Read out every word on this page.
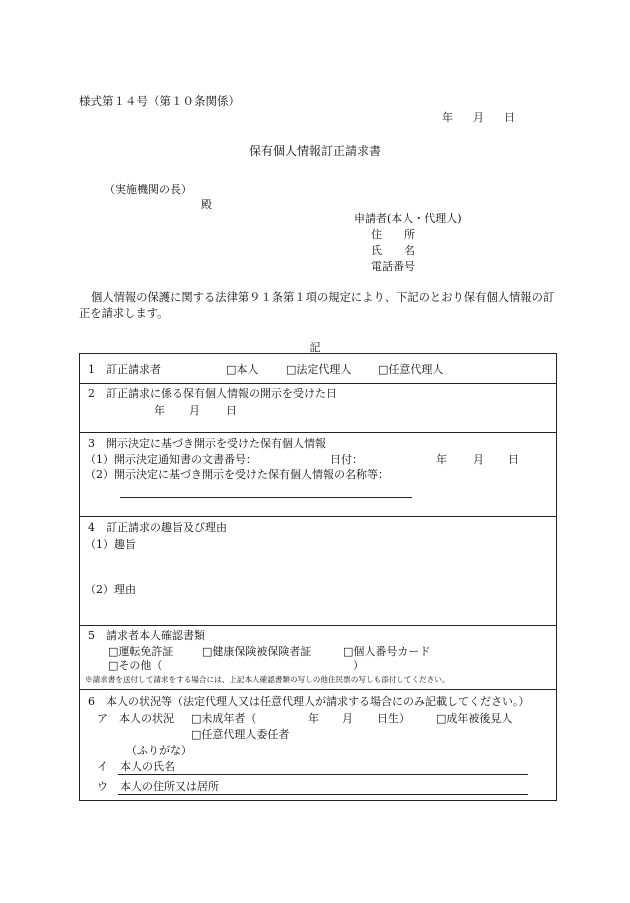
様式第１４号（第１０条関係）
年 月 日
保有個人情報訂正請求書
（実施機関の長）
殿
申請者(本人・代理人)
住　　所
氏　　名
電話番号
個人情報の保護に関する法律第９１条第１項の規定により、下記のとおり保有個人情報の訂正を請求します。
記
1　訂正請求者	□本人	□法定代理人 □任意代理人
2　訂正請求に係る保有個人情報の開示を受けた日
年 月 日
3　開示決定に基づき開示を受けた保有個人情報
（1）開示決定通知書の文書番号：	日付：	年 月 日
（2）開示決定に基づき開示を受けた保有個人情報の名称等：
4　訂正請求の趣旨及び理由
（1）趣旨
（2）理由
5　請求者本人確認書類
□運転免許証	□健康保険被保険者証	□個人番号カード
□その他（	）
※請求書を送付して請求をする場合には、上記本人確認書類の写しの他住民票の写しも添付してください。
6　本人の状況等（法定代理人又は任意代理人が請求する場合にのみ記載してください。）
ア　本人の状況 □未成年者（	年 月 日生） □成年被後見人
□任意代理人委任者
（ふりがな）
イ 本人の氏名
ウ 本人の住所又は居所
